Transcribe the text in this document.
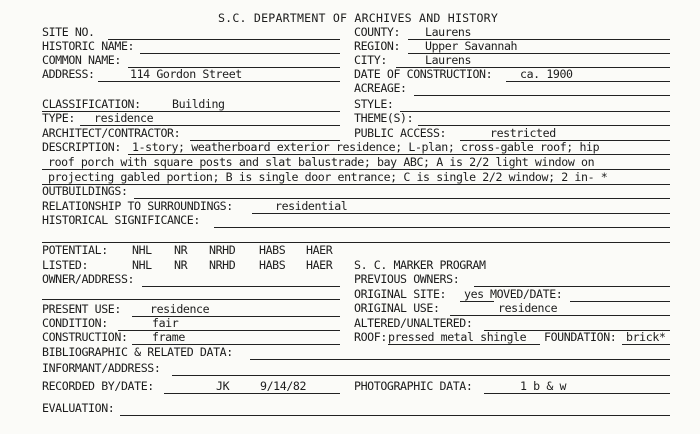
S.C. DEPARTMENT OF ARCHIVES AND HISTORY
SITE NO.	COUNTY: Laurens
HISTORIC NAME:	REGION: Upper Savannah
COMMON NAME:	CITY:	Laurens
ADDRESS:	114 Gordon Street	DATE OF CONSTRUCTION: ca. 1900
ACREAGE:
CLASSIFICATION:	Building	STYLE:
TYPE: residence	THEME(S):
ARCHITECT/CONTRACTOR:	PUBLIC ACCESS:	restricted
DESCRIPTION: 1-story; weatherboard exterior residence; L-plan; cross-gable roof; hip
roof porch with square posts and slat balustrade; bay ABC; A is 2/2 light window on
projecting gabled portion; B is single door entrance; C is single 2/2 window; 2 in- *
OUTBUILDINGS:
RELATIONSHIP TO SURROUNDINGS:	residential
HISTORICAL SIGNIFICANCE:
POTENTIAL: NHL NR NRHD HABS HAER
LISTED:	NHL NR NRHD HABS HAER
OWNER/ADDRESS:
S. C. MARKER PROGRAM
PREVIOUS OWNERS:
ORIGINAL SITE: yes MOVED/DATE:
ORIGINAL USE:	residence
ALTERED/UNALTERED:
ROOF: pressed metal shingle FOUNDATION: brick*
PRESENT USE:	residence
CONDITION:	fair
CONSTRUCTION: frame
BIBLIOGRAPHIC & RELATED DATA:
INFORMANT/ADDRESS:
RECORDED BY/DATE:	JK	9/14/82	PHOTOGRAPHIC DATA:	1 b & w
EVALUATION:
